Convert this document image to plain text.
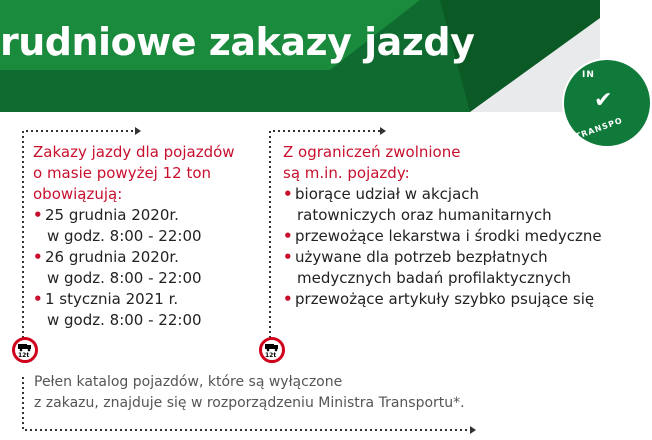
rudniowe zakazy jazdy
IN
✔
TRANSPO

Zakazy jazdy dla pojazdów

o masie powyżej 12 ton

obowiązują:

• 25 grudnia 2020r.
w godz. 8:00 - 22:00
• 26 grudnia 2020r.
w godz. 8:00 - 22:00
• 1 stycznia 2021 r.
w godz. 8:00 - 22:00

Z ograniczeń zwolnione

są m.in. pojazdy:

• biorące udział w akcjach
ratowniczych oraz humanitarnych
• przewożące lekarstwa i środki medyczne
• używane dla potrzeb bezpłatnych
medycznych badań profilaktycznych
• przewożące artykuły szybko psujące się
12t	12t
Pełen katalog pojazdów, które są wyłączone
z zakazu, znajduje się w rozporządzeniu Ministra Transportu*.
